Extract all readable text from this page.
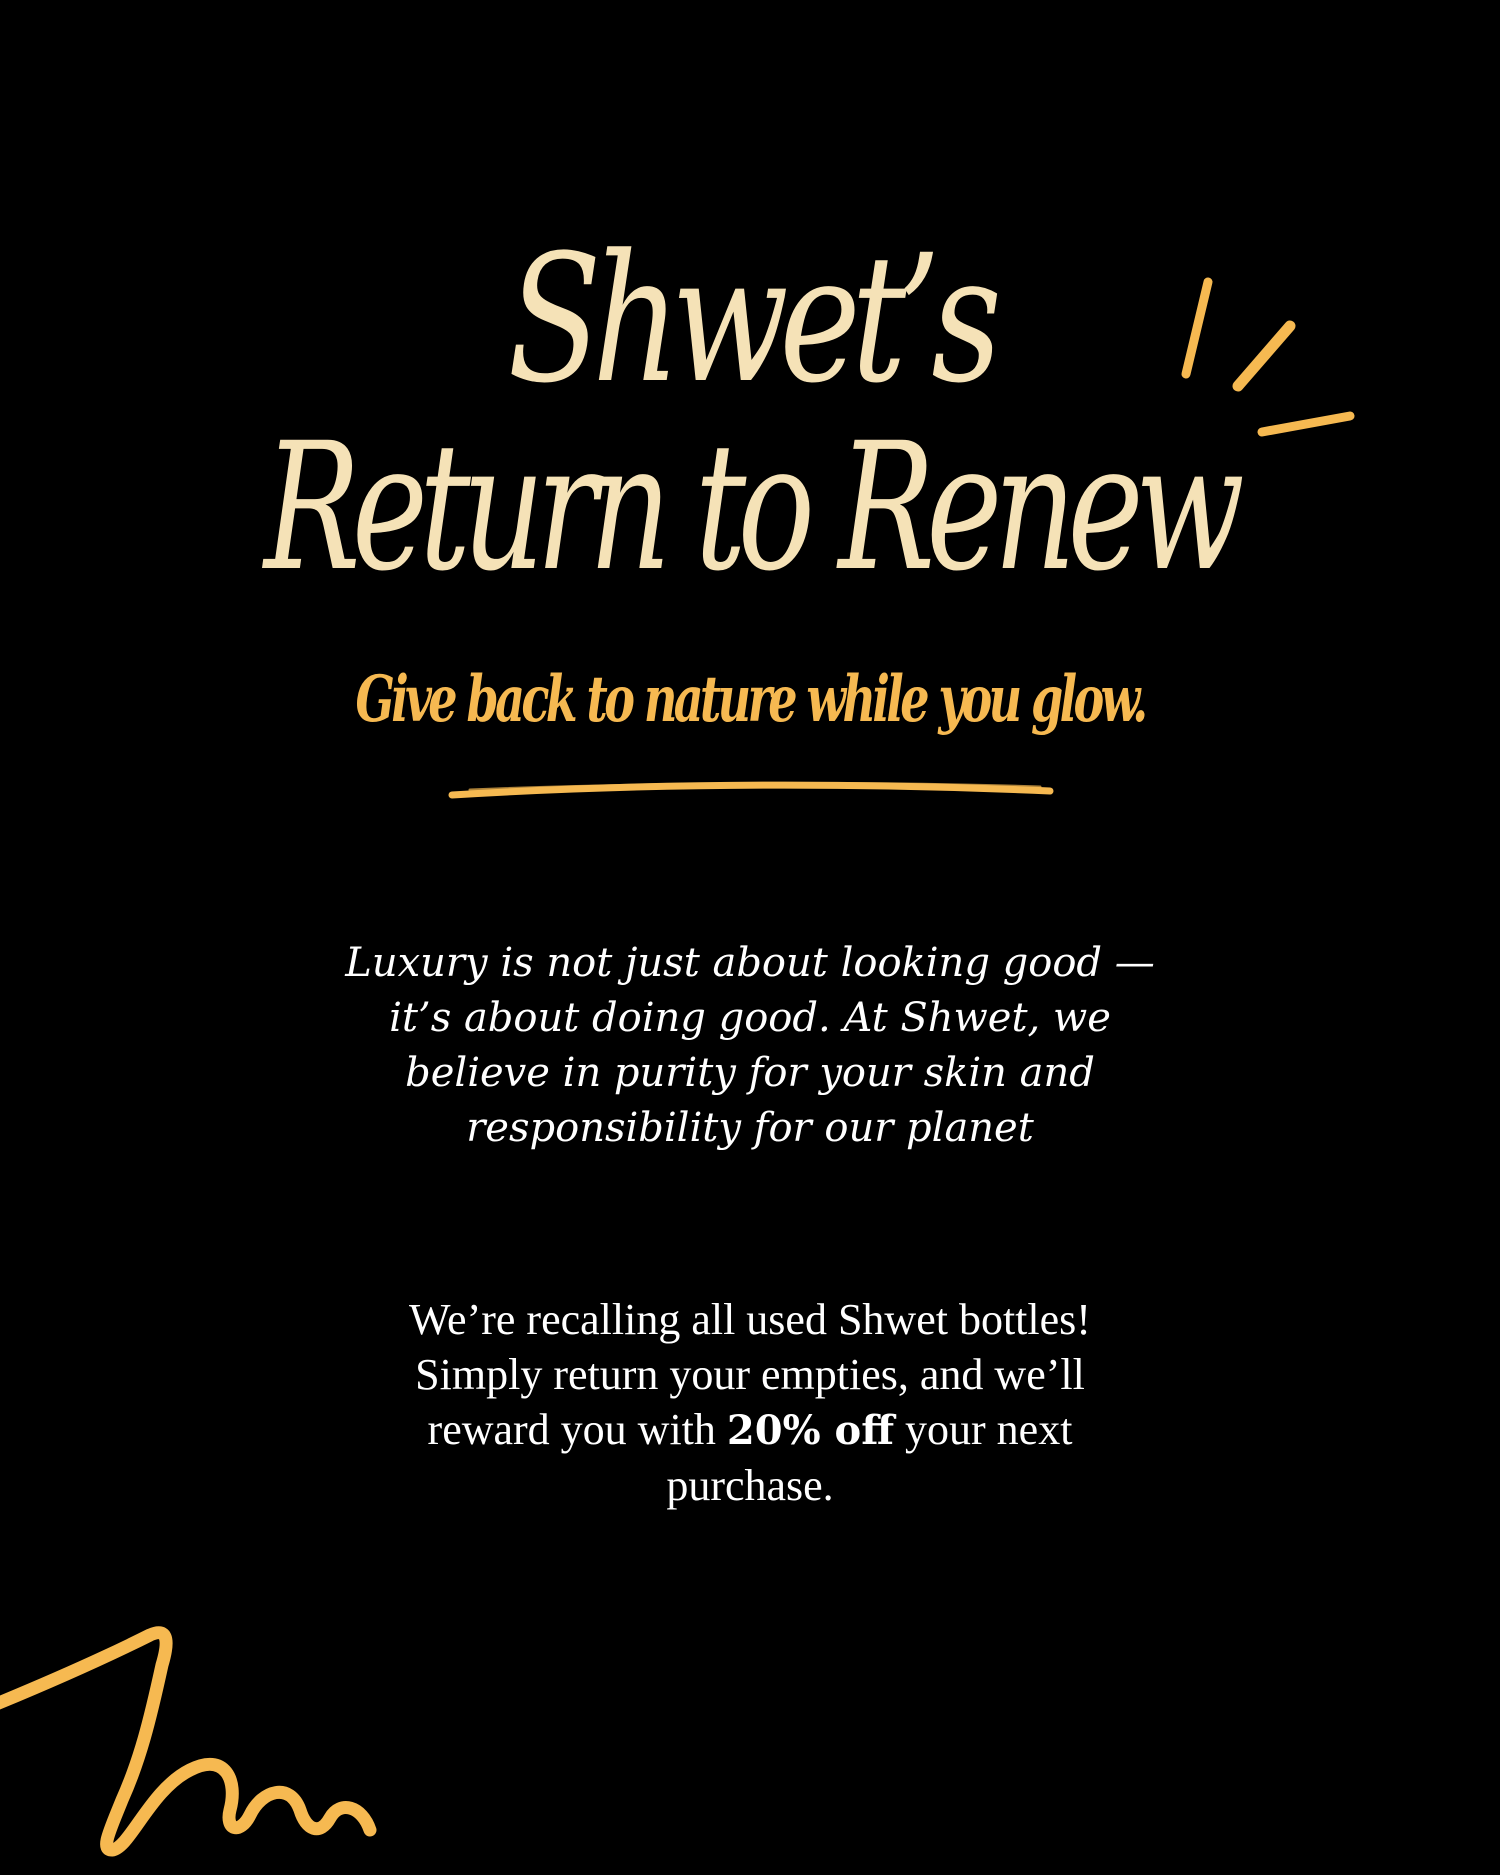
Shwet’s
Return to Renew
Give back to nature while you glow.
Luxury is not just about looking good —
it’s about doing good. At Shwet, we
believe in purity for your skin and
responsibility for our planet
We’re recalling all used Shwet bottles!
Simply return your empties, and we’ll
reward you with 20% off your next
purchase.
